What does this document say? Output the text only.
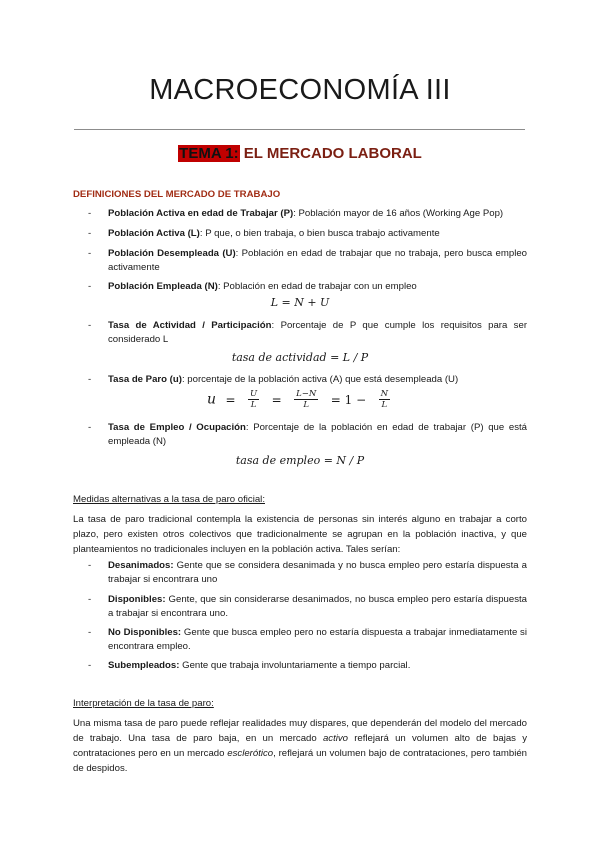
MACROECONOMÍA III
TEMA 1: EL MERCADO LABORAL
DEFINICIONES DEL MERCADO DE TRABAJO
- Población Activa en edad de Trabajar (P): Población mayor de 16 años (Working Age Pop)
- Población Activa (L): P que, o bien trabaja, o bien busca trabajo activamente
- Población Desempleada (U): Población en edad de trabajar que no trabaja, pero busca empleo activamente
- Población Empleada (N): Población en edad de trabajar con un empleo
L = N + U
- Tasa de Actividad / Participación: Porcentaje de P que cumple los requisitos para ser considerado L
tasa de actividad = L / P
- Tasa de Paro (u): porcentaje de la población activa (A) que está desempleada (U)
$u = \frac{U}{L} = \frac{L-N}{L} = 1 - \frac{N}{L}$
- Tasa de Empleo / Ocupación: Porcentaje de la población en edad de trabajar (P) que está empleada (N)
tasa de empleo = N / P
Medidas alternativas a la tasa de paro oficial:
La tasa de paro tradicional contempla la existencia de personas sin interés alguno en trabajar a corto plazo, pero existen otros colectivos que tradicionalmente se agrupan en la población inactiva, y que planteamientos no tradicionales incluyen en la población activa. Tales serían:
- Desanimados: Gente que se considera desanimada y no busca empleo pero estaría dispuesta a trabajar si encontrara uno
- Disponibles: Gente, que sin considerarse desanimados, no busca empleo pero estaría dispuesta a trabajar si encontrara uno.
- No Disponibles: Gente que busca empleo pero no estaría dispuesta a trabajar inmediatamente si encontrara empleo.
- Subempleados: Gente que trabaja involuntariamente a tiempo parcial.
Interpretación de la tasa de paro:
Una misma tasa de paro puede reflejar realidades muy dispares, que dependerán del modelo del mercado de trabajo. Una tasa de paro baja, en un mercado activo reflejará un volumen alto de bajas y contrataciones pero en un mercado esclerótico, reflejará un volumen bajo de contrataciones, pero también de despidos.
